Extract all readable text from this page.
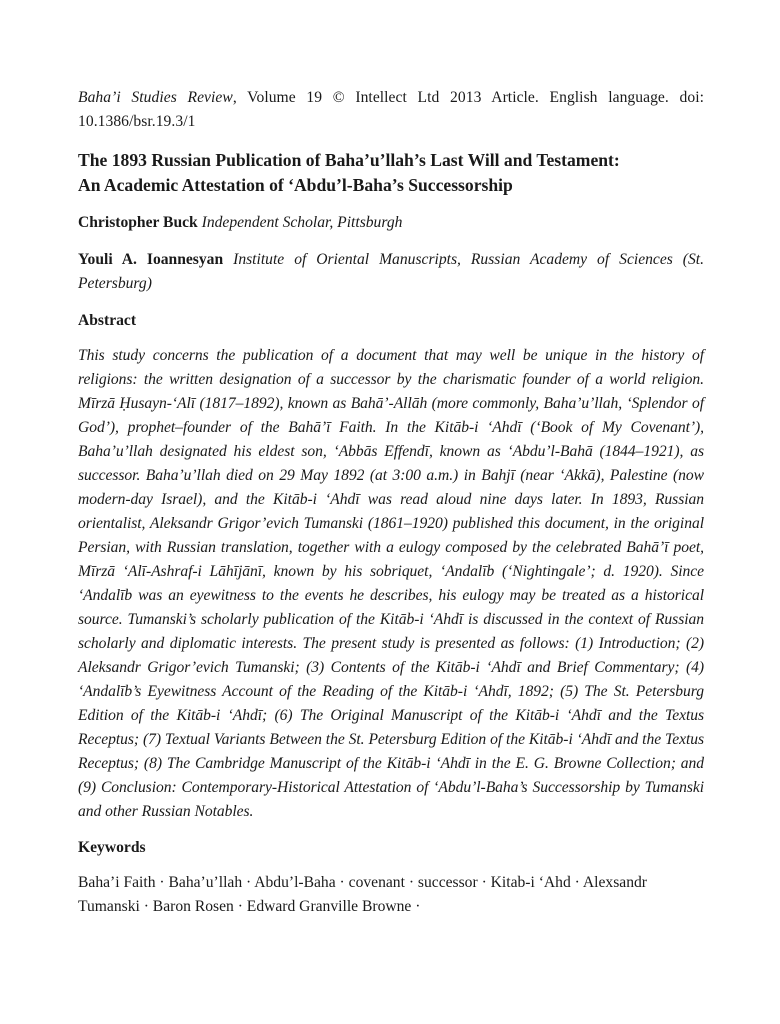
Baha’i Studies Review, Volume 19 © Intellect Ltd 2013 Article. English language. doi: 10.1386/bsr.19.3/1

The 1893 Russian Publication of Baha’u’llah’s Last Will and Testament:
An Academic Attestation of ‘Abdu’l-Baha’s Successorship

Christopher Buck Independent Scholar, Pittsburgh

Youli A. Ioannesyan Institute of Oriental Manuscripts, Russian Academy of Sciences (St. Petersburg)

Abstract

This study concerns the publication of a document that may well be unique in the history of religions: the written designation of a successor by the charismatic founder of a world religion. Mīrzā Ḥusayn-‘Alī (1817–1892), known as Bahā’-Allāh (more commonly, Baha’u’llah, ‘Splendor of God’), prophet–founder of the Bahā’ī Faith. In the Kitāb-i ‘Ahdī (‘Book of My Covenant’), Baha’u’llah designated his eldest son, ‘Abbās Effendī, known as ‘Abdu’l-Bahā (1844–1921), as successor. Baha’u’llah died on 29 May 1892 (at 3:00 a.m.) in Bahjī (near ‘Akkā), Palestine (now modern-day Israel), and the Kitāb-i ‘Ahdī was read aloud nine days later. In 1893, Russian orientalist, Aleksandr Grigor’evich Tumanski (1861–1920) published this document, in the original Persian, with Russian translation, together with a eulogy composed by the celebrated Bahā’ī poet, Mīrzā ‘Alī-Ashraf-i Lāhījānī, known by his sobriquet, ‘Andalīb (‘Nightingale’; d. 1920). Since ‘Andalīb was an eyewitness to the events he describes, his eulogy may be treated as a historical source. Tumanski’s scholarly publication of the Kitāb-i ‘Ahdī is discussed in the context of Russian scholarly and diplomatic interests. The present study is presented as follows: (1) Introduction; (2) Aleksandr Grigor’evich Tumanski; (3) Contents of the Kitāb-i ‘Ahdī and Brief Commentary; (4) ‘Andalīb’s Eyewitness Account of the Reading of the Kitāb-i ‘Ahdī, 1892; (5) The St. Petersburg Edition of the Kitāb-i ‘Ahdī; (6) The Original Manuscript of the Kitāb-i ‘Ahdī and the Textus Receptus; (7) Textual Variants Between the St. Petersburg Edition of the Kitāb-i ‘Ahdī and the Textus Receptus; (8) The Cambridge Manuscript of the Kitāb-i ‘Ahdī in the E. G. Browne Collection; and (9) Conclusion: Contemporary-Historical Attestation of ‘Abdu’l-Baha’s Successorship by Tumanski and other Russian Notables.

Keywords

Baha’i Faith · Baha’u’llah · Abdu’l-Baha · covenant · successor · Kitab-i ‘Ahd · Alexsandr Tumanski · Baron Rosen · Edward Granville Browne ·
